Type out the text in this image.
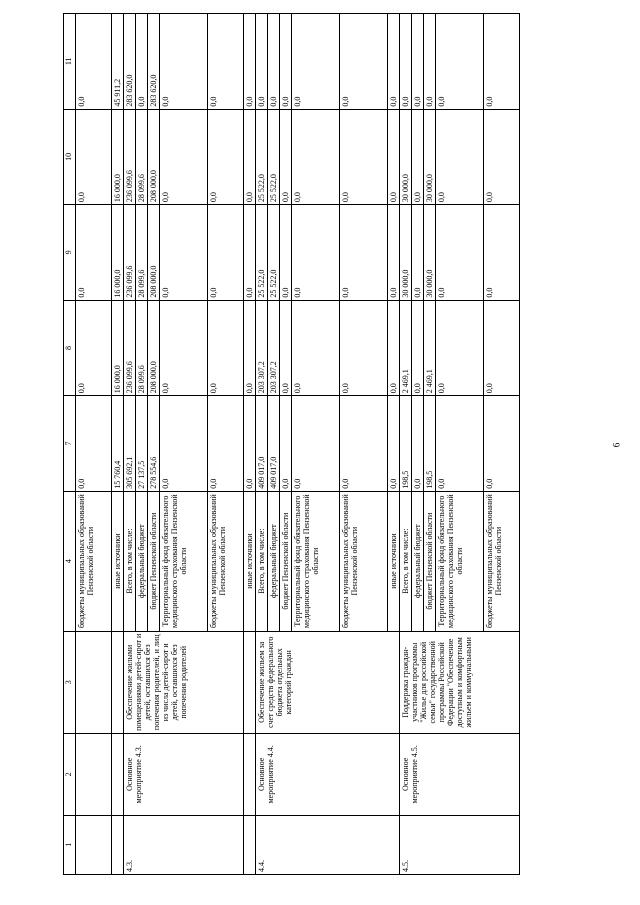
6
1	2	3	4	7	8	9	10	11
			бюджеты муниципальных образований Пензенской области	0,0	0,0	0,0	0,0	0,0
			иные источники	15 760,4	16 000,0	16 000,0	16 000,0	45 911,2
4.3.	Основное мероприятие 4.3.	Обеспечение жилыми помещениями детей-сирот и детей, оставшихся без попечения родителей, и лиц из числа детей-сирот и детей, оставшихся без попечения родителей	Всего, в том числе:	305 692,1	236 099,6	236 099,6	236 099,6	283 620,0
			федеральный бюджет	27 137,5	28 099,6	28 099,6	28 099,6	0,0
			бюджет Пензенской области	278 554,6	208 000,0	208 000,0	208 000,0	283 620,0
			Территориальный фонд обязательного медицинского страхования Пензенской области	0,0	0,0	0,0	0,0	0,0
			бюджеты муниципальных образований Пензенской области	0,0	0,0	0,0	0,0	0,0
			иные источники	0,0	0,0	0,0	0,0	0,0
4.4.	Основное мероприятие 4.4.	Обеспечение жильем за счет средств федерального бюджета отдельных категорий граждан	Всего, в том числе:	409 017,0	203 307,2	25 522,0	25 522,0	0,0
			федеральный бюджет	409 017,0	203 307,2	25 522,0	25 522,0	0,0
			бюджет Пензенской области	0,0	0,0	0,0	0,0	0,0
			Территориальный фонд обязательного медицинского страхования Пензенской области	0,0	0,0	0,0	0,0	0,0
			бюджеты муниципальных образований Пензенской области	0,0	0,0	0,0	0,0	0,0
			иные источники	0,0	0,0	0,0	0,0	0,0
4.5.	Основное мероприятие 4.5.	Поддержка граждан-участников программы "Жилье для российской семьи" государственной программы Российской Федерации "Обеспечение доступным и комфортным жильем и коммунальными	Всего, в том числе:	198,5	2 469,1	30 000,0	30 000,0	0,0
			федеральный бюджет	0,0	0,0	0,0	0,0	0,0
			бюджет Пензенской области	198,5	2 469,1	30 000,0	30 000,0	0,0
			Территориальный фонд обязательного медицинского страхования Пензенской области	0,0	0,0	0,0	0,0	0,0
			бюджеты муниципальных образований Пензенской области	0,0	0,0	0,0	0,0	0,0
